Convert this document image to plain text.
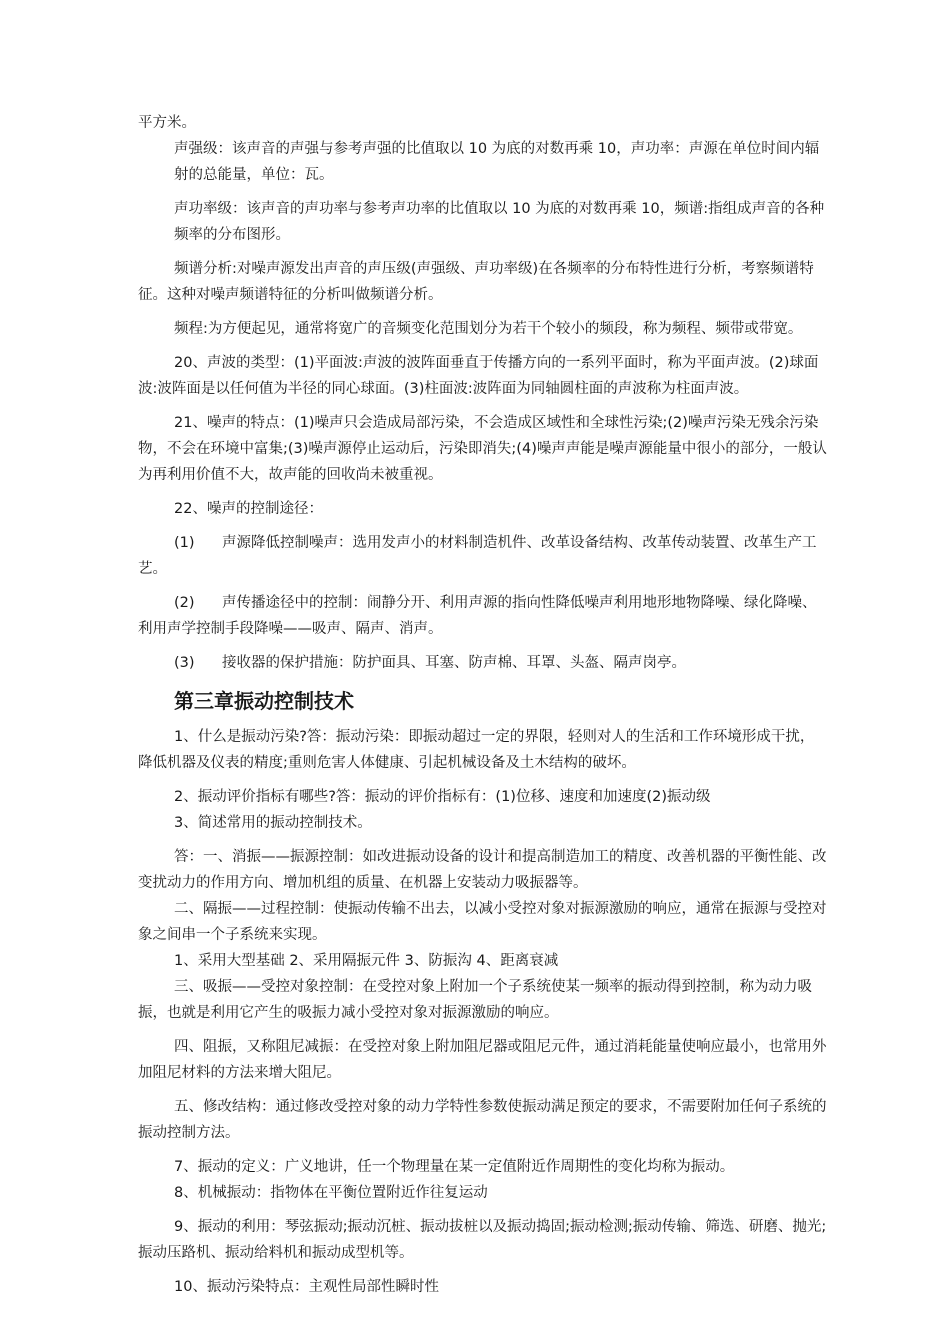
平方米。

声强级：该声音的声强与参考声强的比值取以 10 为底的对数再乘 10，声功率：声源在单位时间内辐射的总能量，单位：瓦。

声功率级：该声音的声功率与参考声功率的比值取以 10 为底的对数再乘 10，频谱:指组成声音的各种频率的分布图形。

频谱分析:对噪声源发出声音的声压级(声强级、声功率级)在各频率的分布特性进行分析，考察频谱特征。这种对噪声频谱特征的分析叫做频谱分析。

频程:为方便起见，通常将宽广的音频变化范围划分为若干个较小的频段，称为频程、频带或带宽。

20、声波的类型：(1)平面波:声波的波阵面垂直于传播方向的一系列平面时，称为平面声波。(2)球面波:波阵面是以任何值为半径的同心球面。(3)柱面波:波阵面为同轴圆柱面的声波称为柱面声波。

21、噪声的特点：(1)噪声只会造成局部污染，不会造成区域性和全球性污染;(2)噪声污染无残余污染物，不会在环境中富集;(3)噪声源停止运动后，污染即消失;(4)噪声声能是噪声源能量中很小的部分，一般认为再利用价值不大，故声能的回收尚未被重视。

22、噪声的控制途径：

(1) 声源降低控制噪声：选用发声小的材料制造机件、改革设备结构、改革传动装置、改革生产工艺。

(2) 声传播途径中的控制：闹静分开、利用声源的指向性降低噪声利用地形地物降噪、绿化降噪、利用声学控制手段降噪——吸声、隔声、消声。

(3) 接收器的保护措施：防护面具、耳塞、防声棉、耳罩、头盔、隔声岗亭。

第三章振动控制技术

1、什么是振动污染?答：振动污染：即振动超过一定的界限，轻则对人的生活和工作环境形成干扰，降低机器及仪表的精度;重则危害人体健康、引起机械设备及土木结构的破坏。

2、振动评价指标有哪些?答：振动的评价指标有：(1)位移、速度和加速度(2)振动级

3、简述常用的振动控制技术。

答：一、消振——振源控制：如改进振动设备的设计和提高制造加工的精度、改善机器的平衡性能、改变扰动力的作用方向、增加机组的质量、在机器上安装动力吸振器等。

二、隔振——过程控制：使振动传输不出去，以减小受控对象对振源激励的响应，通常在振源与受控对象之间串一个子系统来实现。

1、采用大型基础 2、采用隔振元件 3、防振沟 4、距离衰减

三、吸振——受控对象控制：在受控对象上附加一个子系统使某一频率的振动得到控制，称为动力吸振，也就是利用它产生的吸振力减小受控对象对振源激励的响应。

四、阻振，又称阻尼减振：在受控对象上附加阻尼器或阻尼元件，通过消耗能量使响应最小，也常用外加阻尼材料的方法来增大阻尼。

五、修改结构：通过修改受控对象的动力学特性参数使振动满足预定的要求，不需要附加任何子系统的振动控制方法。

7、振动的定义：广义地讲，任一个物理量在某一定值附近作周期性的变化均称为振动。

8、机械振动：指物体在平衡位置附近作往复运动

9、振动的利用：琴弦振动;振动沉桩、振动拔桩以及振动捣固;振动检测;振动传输、筛选、研磨、抛光;振动压路机、振动给料机和振动成型机等。

10、振动污染特点：主观性局部性瞬时性
